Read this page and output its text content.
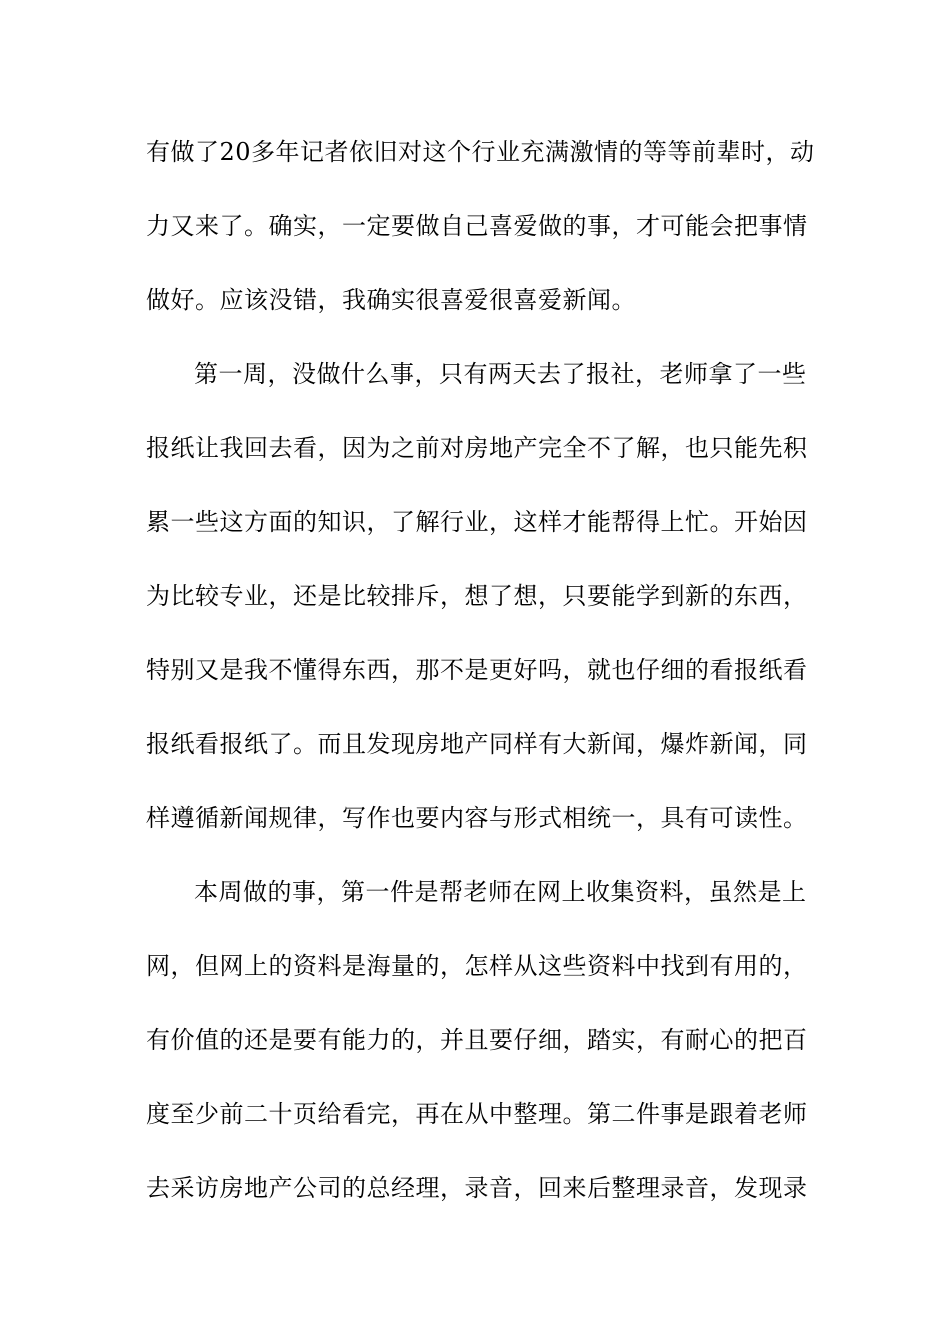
有做了20多年记者依旧对这个行业充满激情的等等前辈时，动
力又来了。确实，一定要做自己喜爱做的事，才可能会把事情
做好。应该没错，我确实很喜爱很喜爱新闻。
第一周，没做什么事，只有两天去了报社，老师拿了一些
报纸让我回去看，因为之前对房地产完全不了解，也只能先积
累一些这方面的知识，了解行业，这样才能帮得上忙。开始因
为比较专业，还是比较排斥，想了想，只要能学到新的东西，
特别又是我不懂得东西，那不是更好吗，就也仔细的看报纸看
报纸看报纸了。而且发现房地产同样有大新闻，爆炸新闻，同
样遵循新闻规律，写作也要内容与形式相统一，具有可读性。
本周做的事，第一件是帮老师在网上收集资料，虽然是上
网，但网上的资料是海量的，怎样从这些资料中找到有用的，
有价值的还是要有能力的，并且要仔细，踏实，有耐心的把百
度至少前二十页给看完，再在从中整理。第二件事是跟着老师
去采访房地产公司的总经理，录音，回来后整理录音，发现录
